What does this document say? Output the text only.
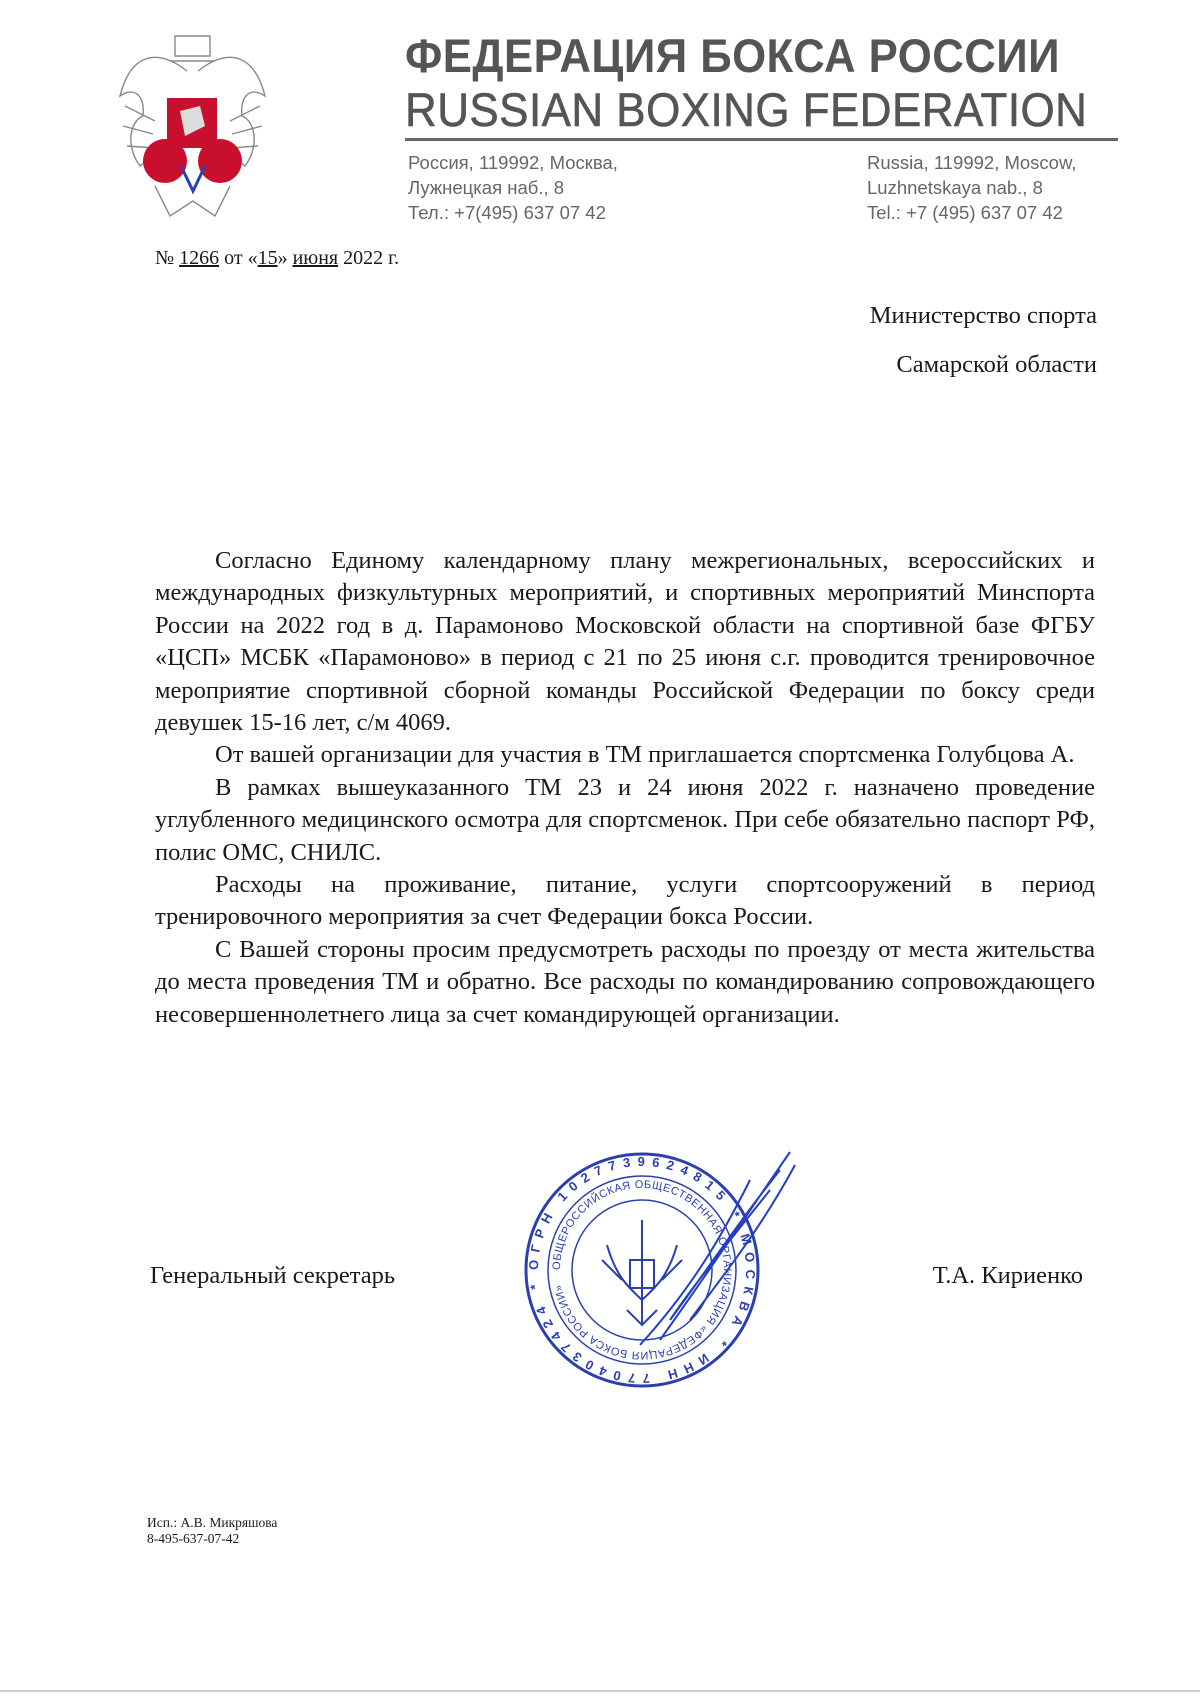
ФЕДЕРАЦИЯ БОКСА РОССИИ
RUSSIAN BOXING FEDERATION
Россия, 119992, Москва,
Лужнецкая наб., 8
Тел.: +7(495) 637 07 42
Russia, 119992, Moscow,
Luzhnetskaya nab., 8
Tel.: +7 (495) 637 07 42
№ 1266 от «15» июня 2022 г.
Министерство спорта
Самарской области

Согласно Единому календарному плану межрегиональных, всероссийских и международных физкультурных мероприятий, и спортивных мероприятий Минспорта России на 2022 год в д. Парамоново Московской области на спортивной базе ФГБУ «ЦСП» МСБК «Парамоново» в период с 21 по 25 июня с.г. проводится тренировочное мероприятие спортивной сборной команды Российской Федерации по боксу среди девушек 15-16 лет, с/м 4069.

От вашей организации для участия в ТМ приглашается спортсменка Голубцова А.

В рамках вышеуказанного ТМ 23 и 24 июня 2022 г. назначено проведение углубленного медицинского осмотра для спортсменок. При себе обязательно паспорт РФ, полис ОМС, СНИЛС.

Расходы на проживание, питание, услуги спортсооружений в период тренировочного мероприятия за счет Федерации бокса России.

С Вашей стороны просим предусмотреть расходы по проезду от места жительства до места проведения ТМ и обратно. Все расходы по командированию сопровождающего несовершеннолетнего лица за счет командирующей организации.

ОГРН 1027739624815 * МОСКВА * ИНН 7704037424 *
ОБЩЕРОССИЙСКАЯ ОБЩЕСТВЕННАЯ ОРГАНИЗАЦИЯ «ФЕДЕРАЦИЯ БОКСА РОССИИ»
Генеральный секретарь	Т.А. Кириенко
Исп.: А.В. Микряшова
8-495-637-07-42
